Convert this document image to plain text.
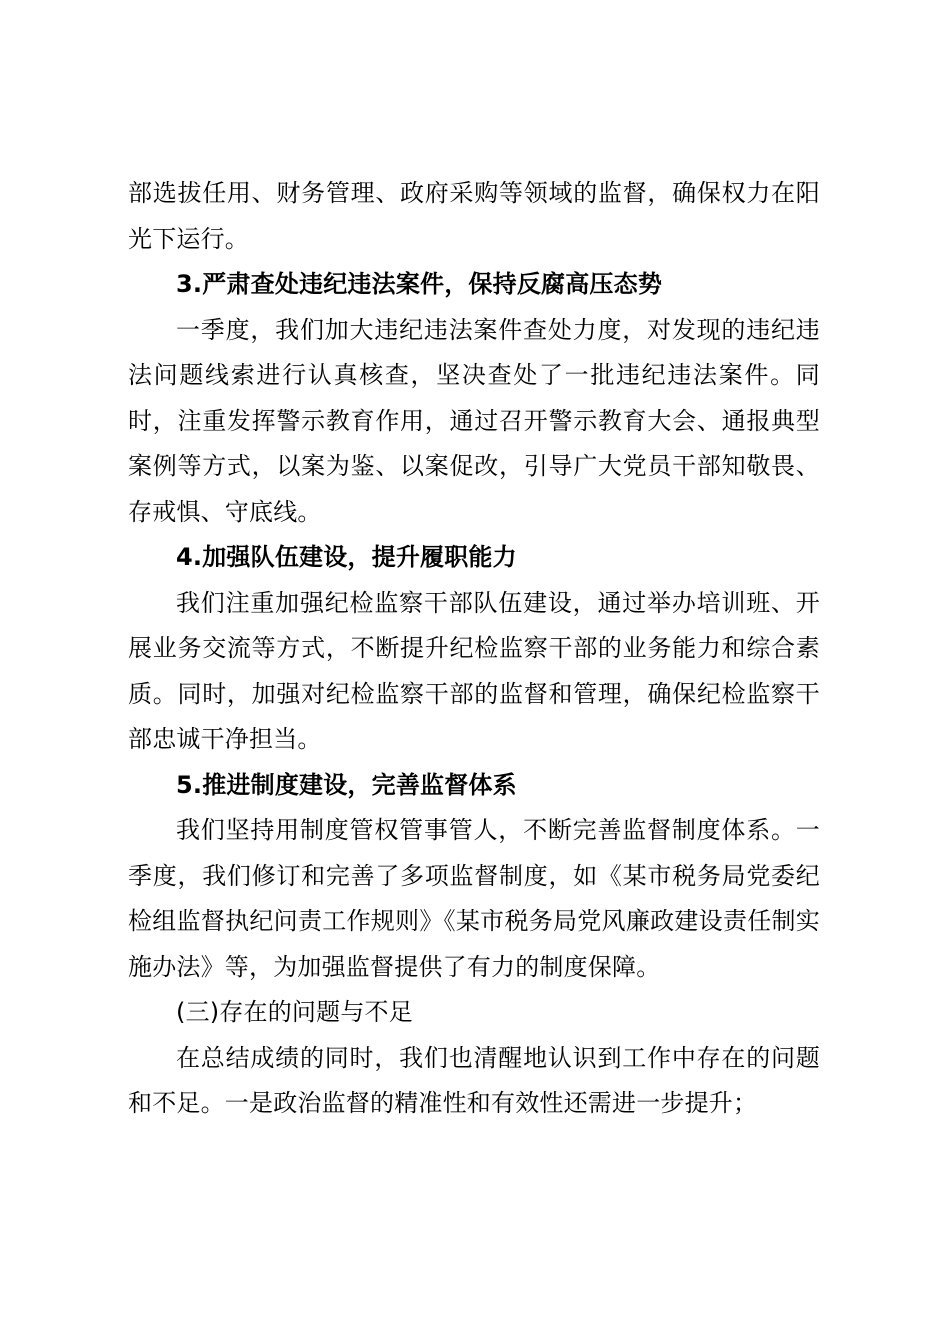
部选拔任用、财务管理、政府采购等领域的监督，确保权力在阳光下运行。

3.严肃查处违纪违法案件，保持反腐高压态势

一季度，我们加大违纪违法案件查处力度，对发现的违纪违法问题线索进行认真核查，坚决查处了一批违纪违法案件。同时，注重发挥警示教育作用，通过召开警示教育大会、通报典型案例等方式，以案为鉴、以案促改，引导广大党员干部知敬畏、存戒惧、守底线。

4.加强队伍建设，提升履职能力

我们注重加强纪检监察干部队伍建设，通过举办培训班、开展业务交流等方式，不断提升纪检监察干部的业务能力和综合素质。同时，加强对纪检监察干部的监督和管理，确保纪检监察干部忠诚干净担当。

5.推进制度建设，完善监督体系

我们坚持用制度管权管事管人，不断完善监督制度体系。一季度，我们修订和完善了多项监督制度，如《某市税务局党委纪检组监督执纪问责工作规则》《某市税务局党风廉政建设责任制实施办法》等，为加强监督提供了有力的制度保障。

(三)存在的问题与不足

在总结成绩的同时，我们也清醒地认识到工作中存在的问题和不足。一是政治监督的精准性和有效性还需进一步提升；
